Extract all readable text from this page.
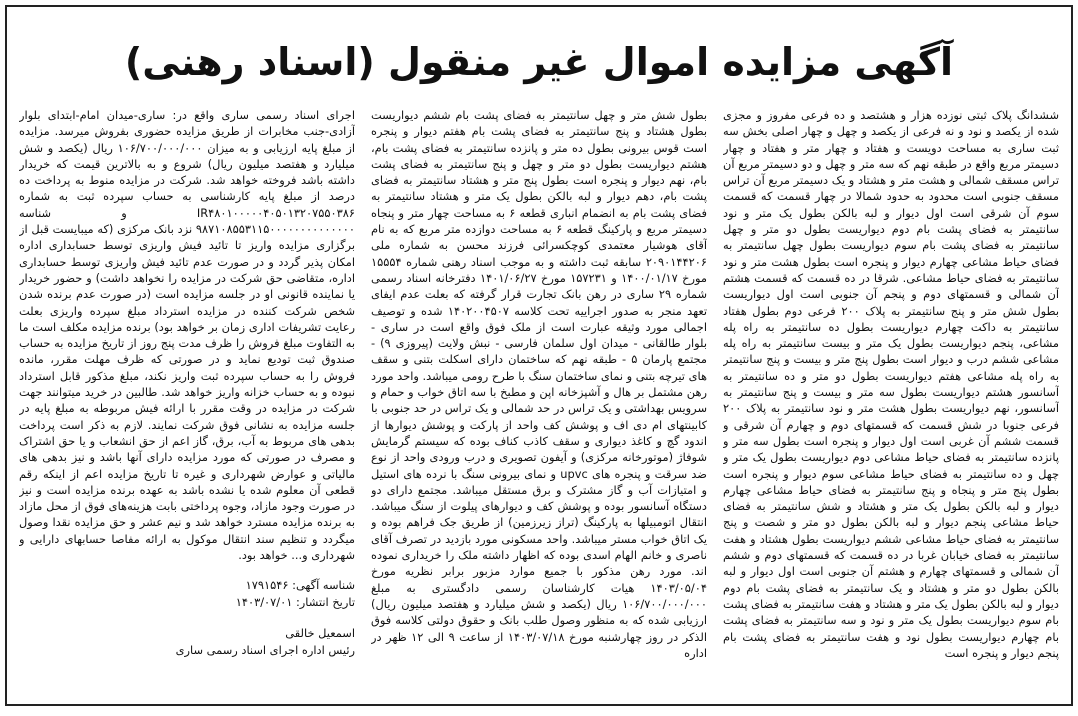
آگهی مزایده اموال غیر منقول (اسناد رهنی)

ششدانگ پلاک ثبتی نوزده هزار و هشتصد و ده فرعی مفروز و مجزی شده از یکصد و نود و نه فرعی از یکصد و چهل و چهار اصلی بخش سه ثبت ساری به مساحت دویست و هفتاد و چهار متر و هفتاد و چهار دسیمتر مربع واقع در طبقه نهم که سه متر و چهل و دو دسیمتر مربع آن تراس مسقف شمالی و هشت متر و هشتاد و یک دسیمتر مربع آن تراس مسقف جنوبی است محدود به حدود شمالا در چهار قسمت که قسمت سوم آن شرقی است اول دیوار و لبه بالکن بطول یک متر و نود سانتیمتر به فضای پشت بام دوم دیواریست بطول دو متر و چهل سانتیمتر به فضای پشت بام سوم دیواریست بطول چهل سانتیمتر به فضای حیاط مشاعی چهارم دیوار و پنجره است بطول هشت متر و نود سانتیمتر به فضای حیاط مشاعی. شرقا در ده قسمت که قسمت هشتم آن شمالی و قسمتهای دوم و پنجم آن جنوبی است اول دیواریست بطول شش متر و پنج سانتیمتر به پلاک ۲۰۰ فرعی دوم بطول هفتاد سانتیمتر به داکت چهارم دیواریست بطول ده سانتیمتر به راه پله مشاعی، پنجم دیواریست بطول یک متر و بیست سانتیمتر به راه پله مشاعی ششم درب و دیوار است بطول پنج متر و بیست و پنج سانتیمتر به راه پله مشاعی هفتم دیواریست بطول دو متر و ده سانتیمتر به آسانسور هشتم دیواریست بطول سه متر و بیست و پنج سانتیمتر به آسانسور، نهم دیواریست بطول هشت متر و نود سانتیمتر به پلاک ۲۰۰ فرعی جنوبا در شش قسمت که قسمتهای دوم و چهارم آن شرقی و قسمت ششم آن غربی است اول دیوار و پنجره است بطول سه متر و پانزده سانتیمتر به فضای حیاط مشاعی دوم دیواریست بطول یک متر و چهل و ده سانتیمتر به فضای حیاط مشاعی سوم دیوار و پنجره است بطول پنج متر و پنجاه و پنج سانتیمتر به فضای حیاط مشاعی چهارم دیوار و لبه بالکن بطول یک متر و هشتاد و شش سانتیمتر به فضای حیاط مشاعی پنجم دیوار و لبه بالکن بطول دو متر و شصت و پنج سانتیمتر به فضای حیاط مشاعی ششم دیواریست بطول هشتاد و هفت سانتیمتر به فضای خیابان غربا در ده قسمت که قسمتهای دوم و ششم آن شمالی و قسمتهای چهارم و هشتم آن جنوبی است اول دیوار و لبه بالکن بطول دو متر و هشتاد و یک سانتیمتر به فضای پشت بام دوم دیوار و لبه بالکن بطول یک متر و هشتاد و هفت سانتیمتر به فضای پشت بام سوم دیواریست بطول یک متر و نود و سه سانتیمتر به فضای پشت بام چهارم دیواریست بطول نود و هفت سانتیمتر به فضای پشت بام پنجم دیوار و پنجره است

بطول شش متر و چهل سانتیمتر به فضای پشت بام ششم دیواریست بطول هشتاد و پنج سانتیمتر به فضای پشت بام هفتم دیوار و پنجره است قوس بیرونی بطول ده متر و پانزده سانتیمتر به فضای پشت بام، هشتم دیواریست بطول دو متر و چهل و پنج سانتیمتر به فضای پشت بام، نهم دیوار و پنجره است بطول پنج متر و هشتاد سانتیمتر به فضای پشت بام، دهم دیوار و لبه بالکن بطول یک متر و هشتاد سانتیمتر به فضای پشت بام به انضمام انباری قطعه ۶ به مساحت چهار متر و پنجاه دسیمتر مربع و پارکینگ قطعه ۶ به مساحت دوازده متر مربع که به نام آقای هوشیار معتمدی کوچکسرائی فرزند محسن به شماره ملی ۲۰۹۰۱۴۴۲۰۶ سابقه ثبت داشته و به موجب اسناد رهنی شماره ۱۵۵۵۴ مورخ ۱۴۰۰/۰۱/۱۷ و ۱۵۷۲۳۱ مورخ ۱۴۰۱/۰۶/۲۷ دفترخانه اسناد رسمی شماره ۲۹ ساری در رهن بانک تجارت قرار گرفته که بعلت عدم ایفای تعهد منجر به صدور اجراییه تحت کلاسه ۱۴۰۲۰۰۴۵۰۷ شده و توصیف اجمالی مورد وثیقه عبارت است از ملک فوق واقع است در ساری - بلوار طالقانی - میدان اول سلمان فارسی - نبش ولایت (پیروزی ۹) - مجتمع پارمان ۵ - طبقه نهم که ساختمان دارای اسکلت بتنی و سقف های تیرچه بتنی و نمای ساختمان سنگ با طرح رومی میباشد. واحد مورد رهن مشتمل بر هال و آشپزخانه اپن و مطبخ با سه اتاق خواب و حمام و سرویس بهداشتی و یک تراس در حد شمالی و یک تراس در حد جنوبی با کابینتهای ام دی اف و پوشش کف واحد از پارکت و پوشش دیوارها از اندود گچ و کاغذ دیواری و سقف کاذب کناف بوده که سیستم گرمایش شوفاژ (موتورخانه مرکزی) و آیفون تصویری و درب ورودی واحد از نوع ضد سرقت و پنجره های upvc و نمای بیرونی سنگ با نرده های استیل و امتیازات آب و گاز مشترک و برق مستقل میباشد. مجتمع دارای دو دستگاه آسانسور بوده و پوشش کف و دیوارهای پیلوت از سنگ میباشد. انتقال اتومبیلها به پارکینگ (تراز زیرزمین) از طریق جک فراهم بوده و یک اتاق خواب مستر میباشد. واحد مسکونی مورد بازدید در تصرف آقای ناصری و خانم الهام اسدی بوده که اظهار داشته ملک را خریداری نموده اند. مورد رهن مذکور با جمیع موارد مزبور برابر نظریه مورخ ۱۴۰۳/۰۵/۰۴ هیات کارشناسان رسمی دادگستری به مبلغ ۱۰۶/۷۰۰/۰۰۰/۰۰۰ ریال (یکصد و شش میلیارد و هفتصد میلیون ریال) ارزیابی شده که به منظور وصول طلب بانک و حقوق دولتی کلاسه فوق الذکر در روز چهارشنبه مورخ ۱۴۰۳/۰۷/۱۸ از ساعت ۹ الی ۱۲ ظهر در اداره

اجرای اسناد رسمی ساری واقع در: ساری-میدان امام-ابتدای بلوار آزادی-جنب مخابرات از طریق مزایده حضوری بفروش میرسد. مزایده از مبلغ پایه ارزیابی و به میزان ۱۰۶/۷۰۰/۰۰۰/۰۰۰ ریال (یکصد و شش میلیارد و هفتصد میلیون ریال) شروع و به بالاترین قیمت که خریدار داشته باشد فروخته خواهد شد. شرکت در مزایده منوط به پرداخت ده درصد از مبلغ پایه کارشناسی به حساب سپرده ثبت به شماره IR۴۸۰۱۰۰۰۰۰۴۰۵۰۱۳۲۰۷۵۵۰۳۸۶ و شناسه ۹۸۷۱۰۸۵۵۳۱۱۵۰۰۰۰۰۰۰۰۰۰۰۰۰۰ نزد بانک مرکزی (که میبایست قبل از برگزاری مزایده واریز تا تائید فیش واریزی توسط حسابداری اداره امکان پذیر گردد و در صورت عدم تائید فیش واریزی توسط حسابداری اداره، متقاضی حق شرکت در مزایده را نخواهد داشت) و حضور خریدار یا نماینده قانونی او در جلسه مزایده است (در صورت عدم برنده شدن شخص شرکت کننده در مزایده استرداد مبلغ سپرده واریزی بعلت رعایت تشریفات اداری زمان بر خواهد بود) برنده مزایده مکلف است ما به التفاوت مبلغ فروش را ظرف مدت پنج روز از تاریخ مزایده به حساب صندوق ثبت تودیع نماید و در صورتی که ظرف مهلت مقرر، مانده فروش را به حساب سپرده ثبت واریز نکند، مبلغ مذکور قابل استرداد نبوده و به حساب خزانه واریز خواهد شد. طالبین در خرید میتوانند جهت شرکت در مزایده در وقت مقرر با ارائه فیش مربوطه به مبلغ پایه در جلسه مزایده به نشانی فوق شرکت نمایند. لازم به ذکر است پرداخت بدهی های مربوط به آب، برق، گاز اعم از حق انشعاب و یا حق اشتراک و مصرف در صورتی که مورد مزایده دارای آنها باشد و نیز بدهی های مالیاتی و عوارض شهرداری و غیره تا تاریخ مزایده اعم از اینکه رقم قطعی آن معلوم شده یا نشده باشد به عهده برنده مزایده است و نیز در صورت وجود مازاد، وجوه پرداختی بابت هزینه‌های فوق از محل مازاد به برنده مزایده مسترد خواهد شد و نیم عشر و حق مزایده نقدا وصول میگردد و تنظیم سند انتقال موکول به ارائه مفاصا حسابهای دارایی و شهرداری و... خواهد بود.

شناسه آگهی: ۱۷۹۱۵۴۶
تاریخ انتشار: ۱۴۰۳/۰۷/۰۱
اسمعیل خالقی
رئیس اداره اجرای اسناد رسمی ساری
